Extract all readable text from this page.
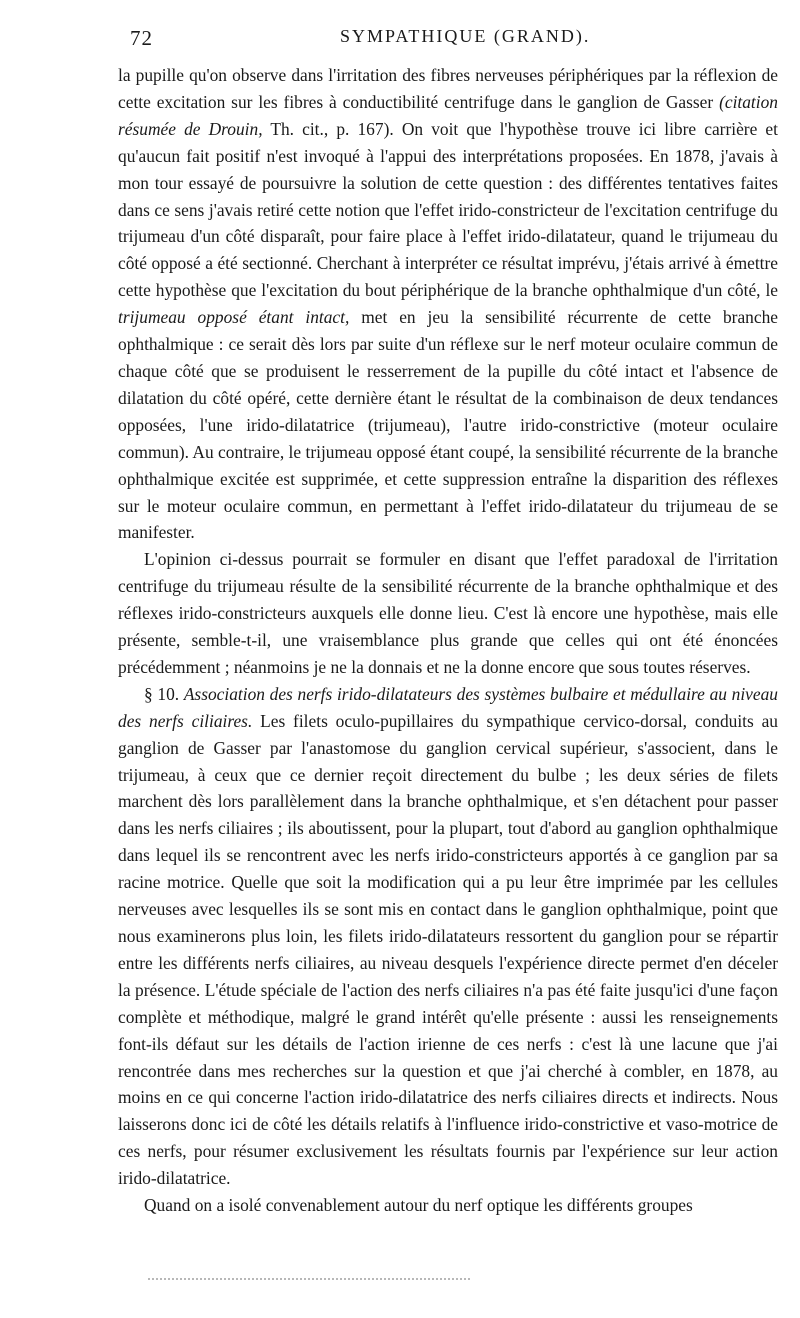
72	SYMPATHIQUE (GRAND).

la pupille qu'on observe dans l'irritation des fibres nerveuses périphériques par la réflexion de cette excitation sur les fibres à conductibilité centrifuge dans le ganglion de Gasser (citation résumée de Drouin, Th. cit., p. 167). On voit que l'hypothèse trouve ici libre carrière et qu'aucun fait positif n'est invoqué à l'appui des interprétations proposées. En 1878, j'avais à mon tour essayé de poursuivre la solution de cette question : des différentes tentatives faites dans ce sens j'avais retiré cette notion que l'effet irido-constricteur de l'excitation centrifuge du trijumeau d'un côté disparaît, pour faire place à l'effet irido-dilatateur, quand le trijumeau du côté opposé a été sectionné. Cherchant à interpréter ce résultat imprévu, j'étais arrivé à émettre cette hypothèse que l'excitation du bout périphérique de la branche ophthalmique d'un côté, le trijumeau opposé étant intact, met en jeu la sensibilité récurrente de cette branche ophthalmique : ce serait dès lors par suite d'un réflexe sur le nerf moteur oculaire commun de chaque côté que se produisent le resserrement de la pupille du côté intact et l'absence de dilatation du côté opéré, cette dernière étant le résultat de la combinaison de deux tendances opposées, l'une irido-dilatatrice (trijumeau), l'autre irido-constrictive (moteur oculaire commun). Au contraire, le trijumeau opposé étant coupé, la sensibilité récurrente de la branche ophthalmique excitée est supprimée, et cette suppression entraîne la disparition des réflexes sur le moteur oculaire commun, en permettant à l'effet irido-dilatateur du trijumeau de se manifester.

L'opinion ci-dessus pourrait se formuler en disant que l'effet paradoxal de l'irritation centrifuge du trijumeau résulte de la sensibilité récurrente de la branche ophthalmique et des réflexes irido-constricteurs auxquels elle donne lieu. C'est là encore une hypothèse, mais elle présente, semble-t-il, une vraisemblance plus grande que celles qui ont été énoncées précédemment ; néanmoins je ne la donnais et ne la donne encore que sous toutes réserves.

§ 10. Association des nerfs irido-dilatateurs des systèmes bulbaire et médullaire au niveau des nerfs ciliaires. Les filets oculo-pupillaires du sympathique cervico-dorsal, conduits au ganglion de Gasser par l'anastomose du ganglion cervical supérieur, s'associent, dans le trijumeau, à ceux que ce dernier reçoit directement du bulbe ; les deux séries de filets marchent dès lors parallèlement dans la branche ophthalmique, et s'en détachent pour passer dans les nerfs ciliaires ; ils aboutissent, pour la plupart, tout d'abord au ganglion ophthalmique dans lequel ils se rencontrent avec les nerfs irido-constricteurs apportés à ce ganglion par sa racine motrice. Quelle que soit la modification qui a pu leur être imprimée par les cellules nerveuses avec lesquelles ils se sont mis en contact dans le ganglion ophthalmique, point que nous examinerons plus loin, les filets irido-dilatateurs ressortent du ganglion pour se répartir entre les différents nerfs ciliaires, au niveau desquels l'expérience directe permet d'en déceler la présence. L'étude spéciale de l'action des nerfs ciliaires n'a pas été faite jusqu'ici d'une façon complète et méthodique, malgré le grand intérêt qu'elle présente : aussi les renseignements font-ils défaut sur les détails de l'action irienne de ces nerfs : c'est là une lacune que j'ai rencontrée dans mes recherches sur la question et que j'ai cherché à combler, en 1878, au moins en ce qui concerne l'action irido-dilatatrice des nerfs ciliaires directs et indirects. Nous laisserons donc ici de côté les détails relatifs à l'influence irido-constrictive et vaso-motrice de ces nerfs, pour résumer exclusivement les résultats fournis par l'expérience sur leur action irido-dilatatrice.

Quand on a isolé convenablement autour du nerf optique les différents groupes
